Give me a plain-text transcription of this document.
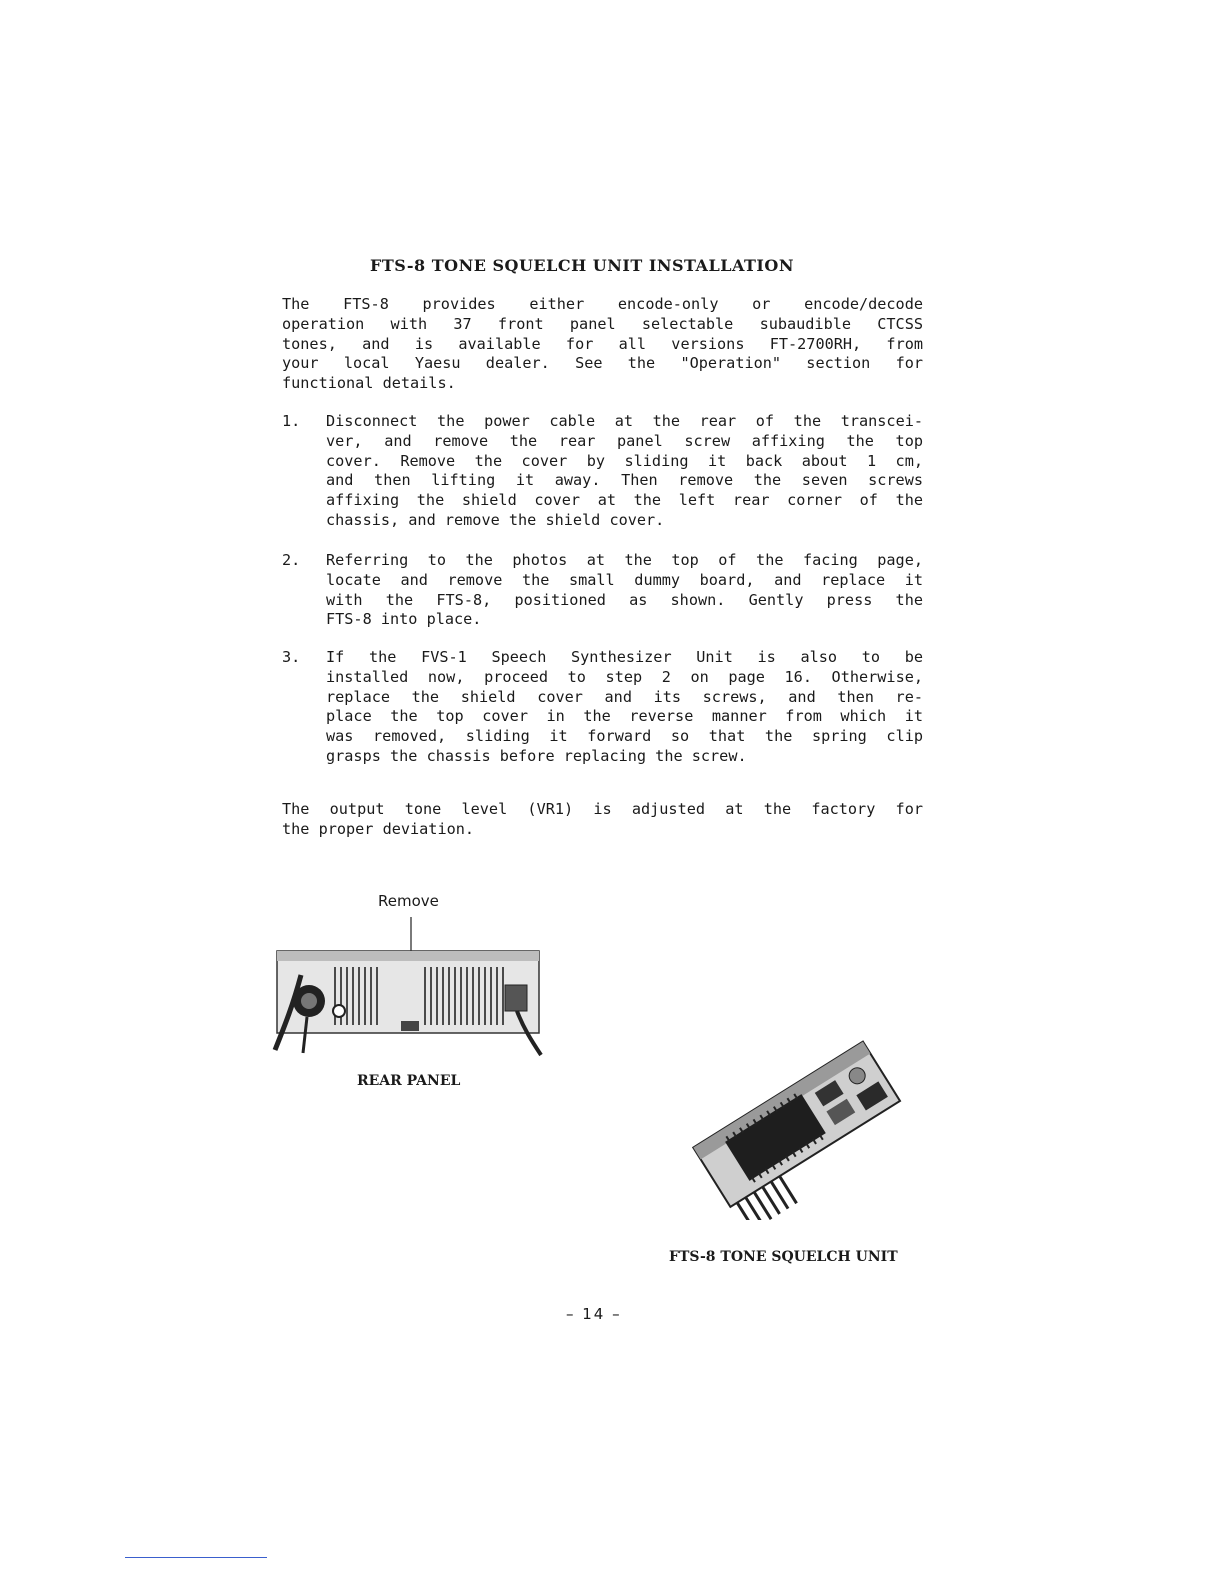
FTS-8 TONE SQUELCH UNIT INSTALLATION

The FTS-8 provides either encode-only or encode/decode
operation with 37 front panel selectable subaudible CTCSS
tones, and is available for all versions FT-2700RH, from
your local Yaesu dealer. See the "Operation" section for
functional details.

1. Disconnect the power cable at the rear of the transcei-
ver, and remove the rear panel screw affixing the top
cover. Remove the cover by sliding it back about 1 cm,
and then lifting it away. Then remove the seven screws
affixing the shield cover at the left rear corner of the
chassis, and remove the shield cover.

2. Referring to the photos at the top of the facing page,
locate and remove the small dummy board, and replace it
with the FTS-8, positioned as shown. Gently press the
FTS-8 into place.

3. If the FVS-1 Speech Synthesizer Unit is also to be
installed now, proceed to step 2 on page 16. Otherwise,
replace the shield cover and its screws, and then re-
place the top cover in the reverse manner from which it
was removed, sliding it forward so that the spring clip
grasps the chassis before replacing the screw.

The output tone level (VR1) is adjusted at the factory for
the proper deviation.

Remove
REAR PANEL
FTS-8 TONE SQUELCH UNIT
– 14 –
